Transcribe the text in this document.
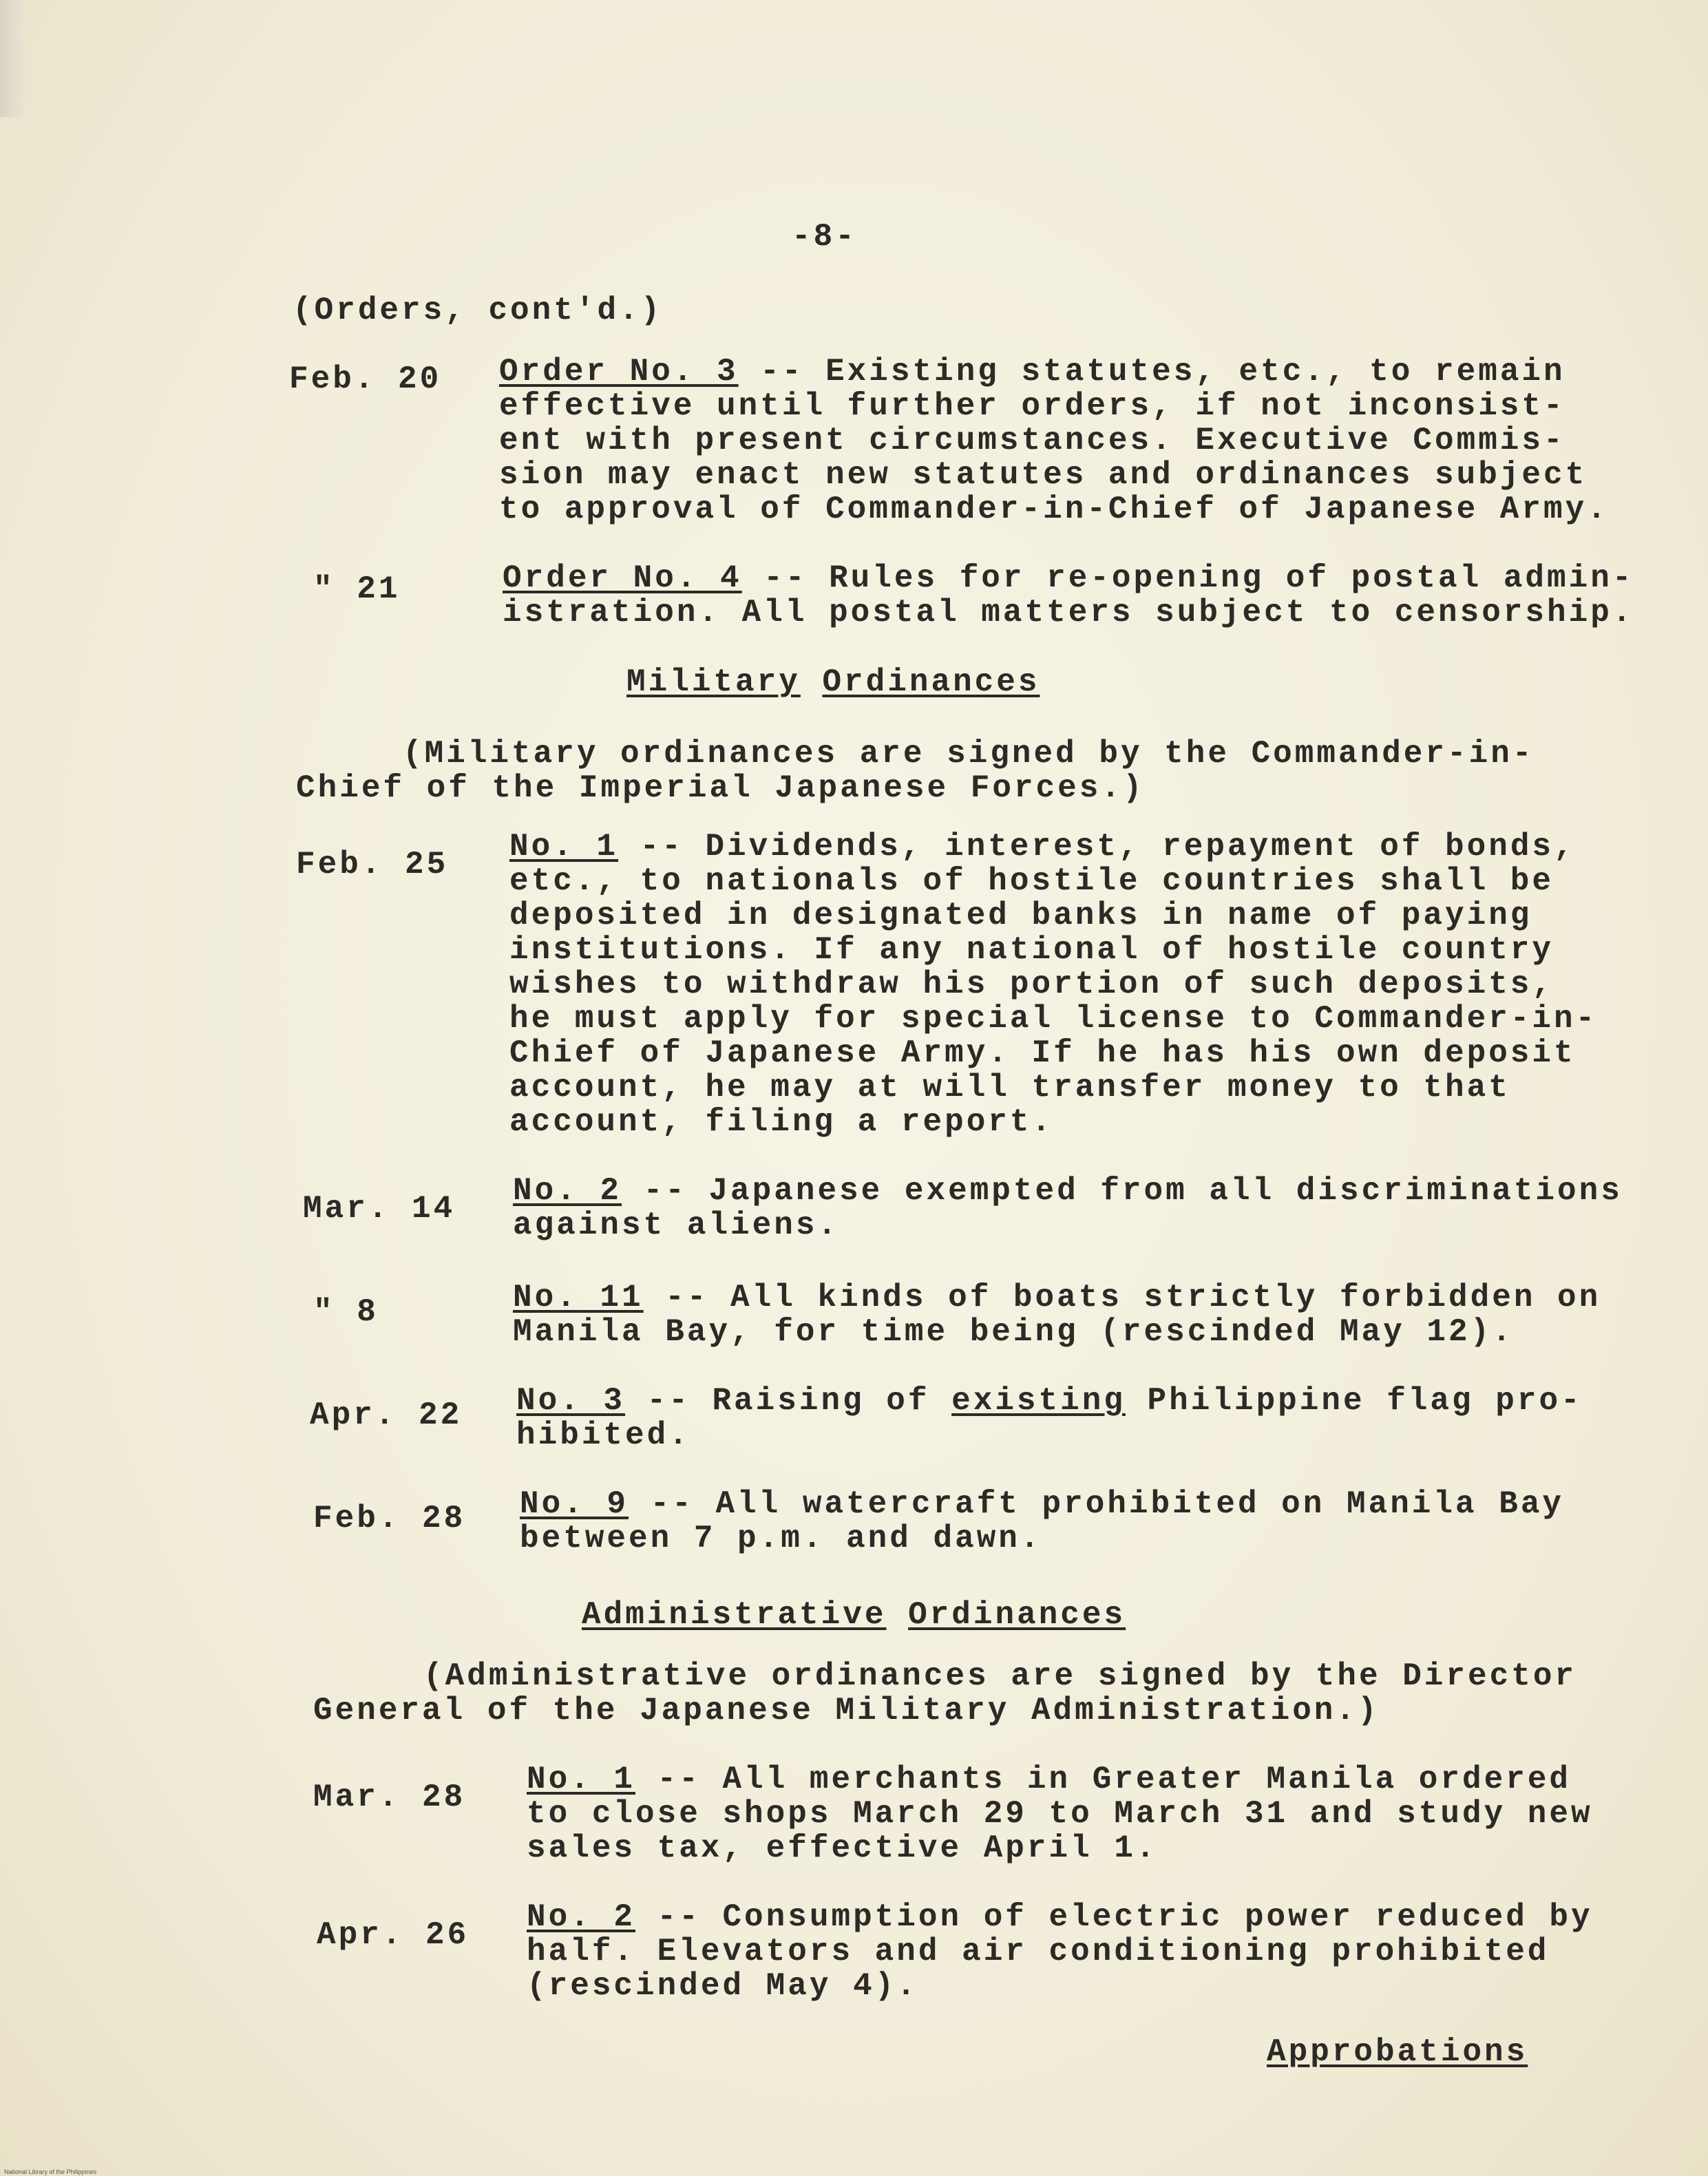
-8-
(Orders, cont'd.)
Feb. 20 Order No. 3 -- Existing statutes, etc., to remain
effective until further orders, if not inconsist-
ent with present circumstances. Executive Commis-
sion may enact new statutes and ordinances subject
to approval of Commander-in-Chief of Japanese Army.
" 21	Order No. 4 -- Rules for re-opening of postal admin-
istration. All postal matters subject to censorship.
Military Ordinances
(Military ordinances are signed by the Commander-in-
Chief of the Imperial Japanese Forces.)
Feb. 25 No. 1 -- Dividends, interest, repayment of bonds,
etc., to nationals of hostile countries shall be
deposited in designated banks in name of paying
institutions. If any national of hostile country
wishes to withdraw his portion of such deposits,
he must apply for special license to Commander-in-
Chief of Japanese Army. If he has his own deposit
account, he may at will transfer money to that
account, filing a report.
Mar. 14 No. 2 -- Japanese exempted from all discriminations
against aliens.
" 8	No. 11 -- All kinds of boats strictly forbidden on
Manila Bay, for time being (rescinded May 12).
Apr. 22 No. 3 -- Raising of existing Philippine flag pro-
hibited.
Feb. 28 No. 9 -- All watercraft prohibited on Manila Bay
between 7 p.m. and dawn.
Administrative Ordinances
(Administrative ordinances are signed by the Director
General of the Japanese Military Administration.)
Mar. 28 No. 1 -- All merchants in Greater Manila ordered
to close shops March 29 to March 31 and study new
sales tax, effective April 1.
Apr. 26 No. 2 -- Consumption of electric power reduced by
half. Elevators and air conditioning prohibited
(rescinded May 4).
Approbations
National Library of the Philippines
